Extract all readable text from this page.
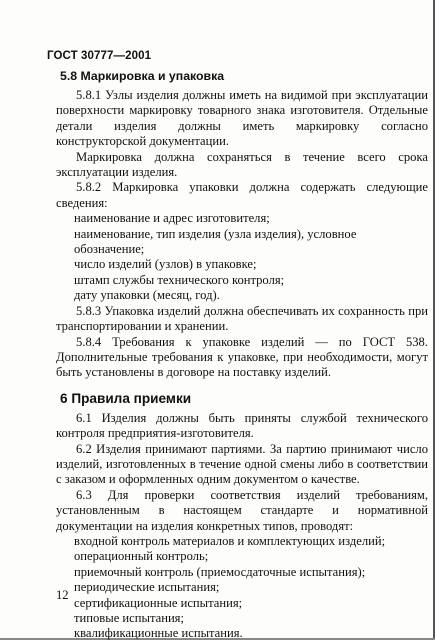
ГОСТ 30777—2001
5.8 Маркировка и упаковка

5.8.1 Узлы изделия должны иметь на видимой при эксплуатации поверхности маркировку товарного знака изготовителя. Отдельные детали изделия должны иметь маркировку согласно конструкторской документации.

Маркировка должна сохраняться в течение всего срока эксплуатации изделия.

5.8.2 Маркировка упаковки должна содержать следующие сведения:

наименование и адрес изготовителя;

наименование, тип изделия (узла изделия), условное обозначение;

число изделий (узлов) в упаковке;

штамп службы технического контроля;

дату упаковки (месяц, год).

5.8.3 Упаковка изделий должна обеспечивать их сохранность при транспортировании и хранении.

5.8.4 Требования к упаковке изделий — по ГОСТ 538. Дополнительные требования к упаковке, при необходимости, могут быть установлены в договоре на поставку изделий.

6 Правила приемки

6.1 Изделия должны быть приняты службой технического контроля предприятия-изготовителя.

6.2 Изделия принимают партиями. За партию принимают число изделий, изготовленных в течение одной смены либо в соответствии с заказом и оформленных одним документом о качестве.

6.3 Для проверки соответствия изделий требованиям, установленным в настоящем стандарте и нормативной документации на изделия конкретных типов, проводят:

входной контроль материалов и комплектующих изделий;

операционный контроль;

приемочный контроль (приемосдаточные испытания);

периодические испытания;

сертификационные испытания;

типовые испытания;

квалификационные испытания.

12
